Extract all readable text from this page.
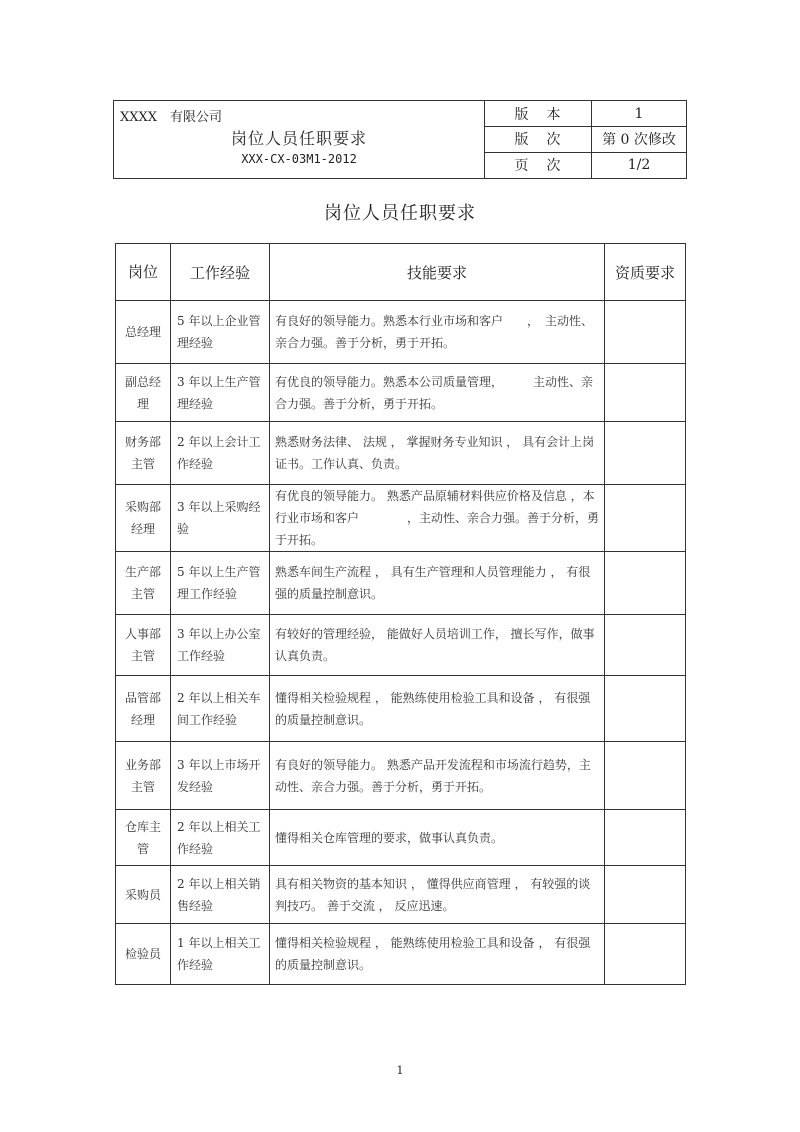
XXXX　有限公司
岗位人员任职要求
XXX-CX-03M1-2012
版本	1
版次	第 0 次修改
页次	1/2
岗位人员任职要求
岗位	工作经验	技能要求	资质要求
总经理	5 年以上企业管理经验	有良好的领导能力。熟悉本行业市场和客户　　，　主动性、亲合力强。善于分析，勇于开拓。	
副总经理	3 年以上生产管理经验	有优良的领导能力。熟悉本公司质量管理，　　　主动性、亲合力强。善于分析，勇于开拓。	
财务部主管	2 年以上会计工作经验	熟悉财务法律、 法规 ， 掌握财务专业知识 ， 具有会计上岗证书。工作认真、负责。	
采购部经理	3 年以上采购经验	有优良的领导能力。 熟悉产品原辅材料供应价格及信息 ，本行业市场和客户　　　　，主动性、亲合力强。善于分析，勇于开拓。	
生产部主管	5 年以上生产管理工作经验	熟悉车间生产流程 ， 具有生产管理和人员管理能力 ， 有很强的质量控制意识。	
人事部主管	3 年以上办公室工作经验	有较好的管理经验， 能做好人员培训工作， 擅长写作，做事认真负责。	
品管部经理	2 年以上相关车间工作经验	懂得相关检验规程 ， 能熟练使用检验工具和设备 ， 有很强的质量控制意识。	
业务部主管	3 年以上市场开发经验	有良好的领导能力。 熟悉产品开发流程和市场流行趋势，主动性、亲合力强。善于分析，勇于开拓。	
仓库主管	2 年以上相关工作经验	懂得相关仓库管理的要求，做事认真负责。	
采购员	2 年以上相关销售经验	具有相关物资的基本知识 ， 懂得供应商管理 ， 有较强的谈判技巧。 善于交流 ， 反应迅速。	
检验员	1 年以上相关工作经验	懂得相关检验规程 ， 能熟练使用检验工具和设备 ， 有很强的质量控制意识。	
1
